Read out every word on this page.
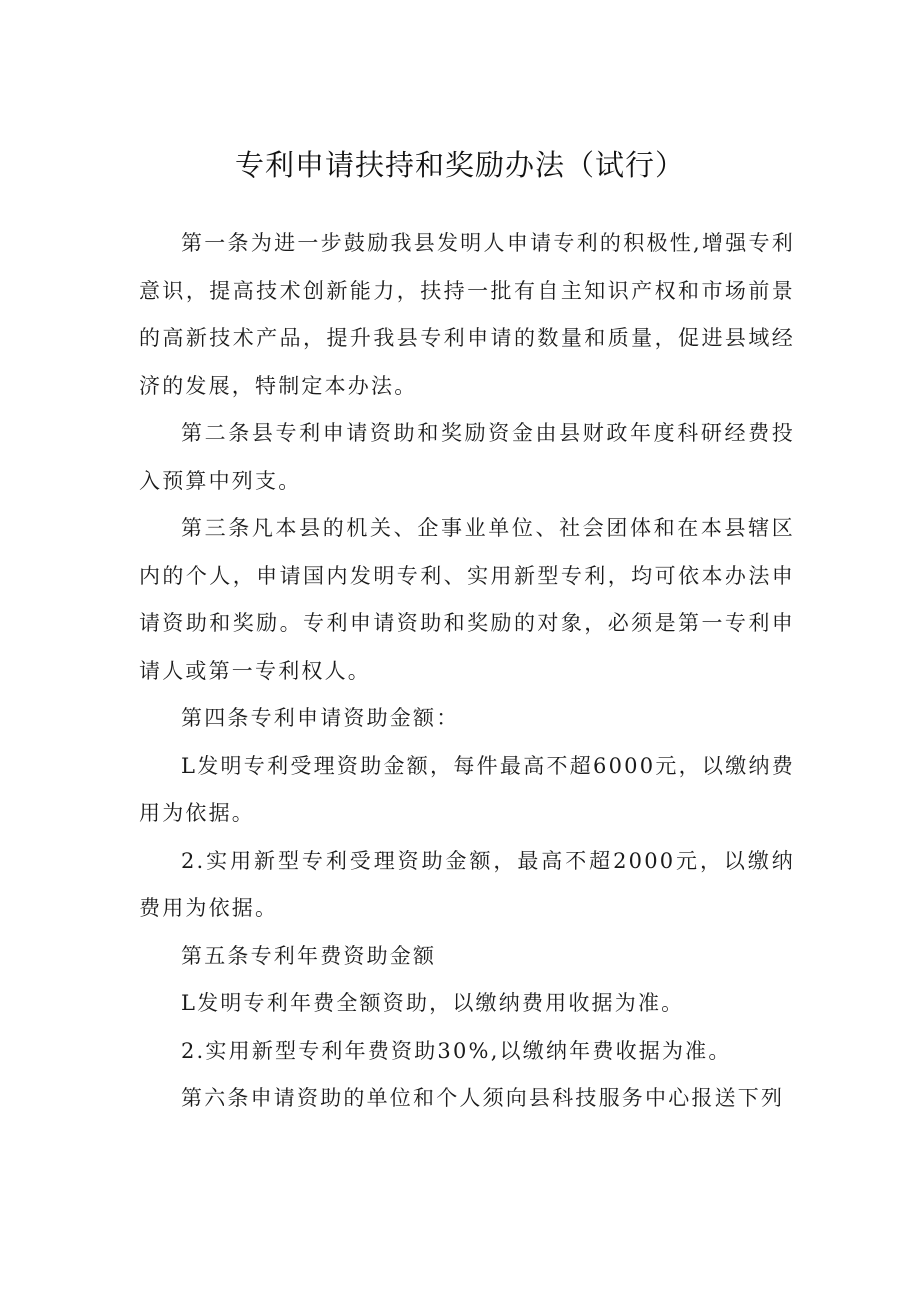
专利申请扶持和奖励办法（试行）

第一条为进一步鼓励我县发明人申请专利的积极性,增强专利意识，提高技术创新能力，扶持一批有自主知识产权和市场前景的高新技术产品，提升我县专利申请的数量和质量，促进县域经济的发展，特制定本办法。

第二条县专利申请资助和奖励资金由县财政年度科研经费投入预算中列支。

第三条凡本县的机关、企事业单位、社会团体和在本县辖区内的个人，申请国内发明专利、实用新型专利，均可依本办法申请资助和奖励。专利申请资助和奖励的对象，必须是第一专利申请人或第一专利权人。

第四条专利申请资助金额：

L发明专利受理资助金额，每件最高不超6000元，以缴纳费用为依据。

2.实用新型专利受理资助金额，最高不超2000元，以缴纳费用为依据。

第五条专利年费资助金额

L发明专利年费全额资助，以缴纳费用收据为准。

2.实用新型专利年费资助30%,以缴纳年费收据为准。

第六条申请资助的单位和个人须向县科技服务中心报送下列
